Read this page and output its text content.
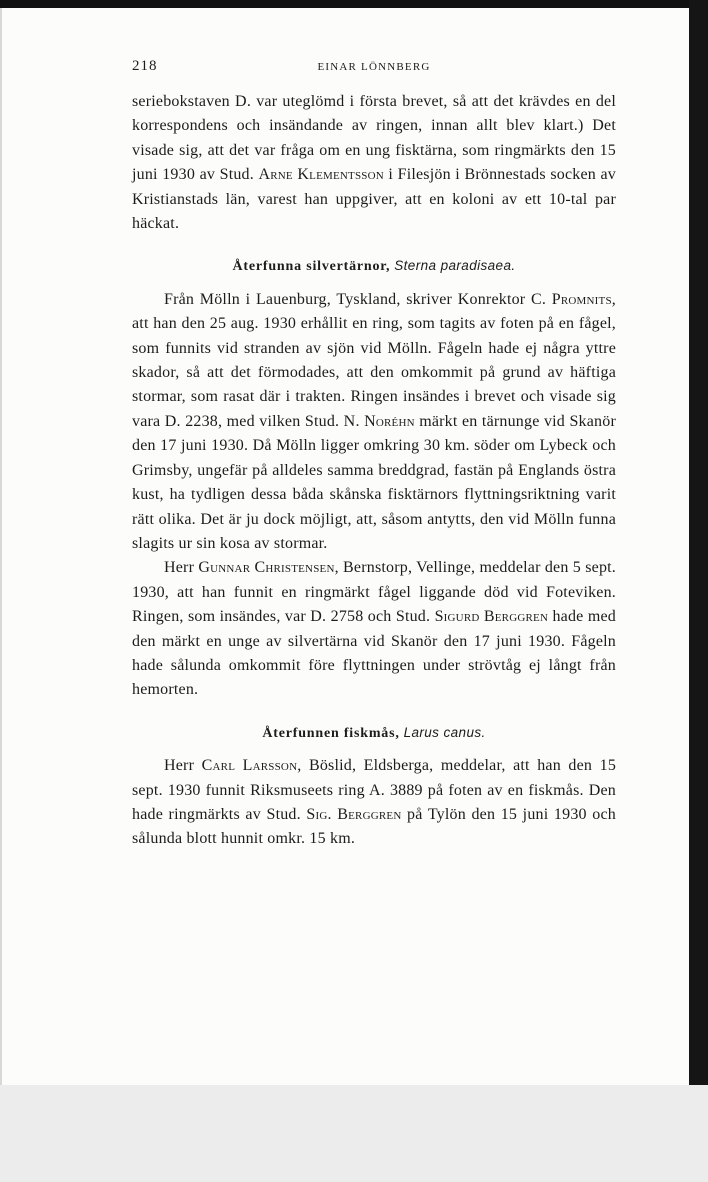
218	EINAR LÖNNBERG

seriebokstaven D. var uteglömd i första brevet, så att det krävdes en del korrespondens och insändande av ringen, innan allt blev klart.) Det visade sig, att det var fråga om en ung fisktärna, som ringmärkts den 15 juni 1930 av Stud. Arne Klementsson i Filesjön i Brönnestads socken av Kristianstads län, varest han uppgiver, att en koloni av ett 10-tal par häckat.

Återfunna silvertärnor, Sterna paradisaea.

Från Mölln i Lauenburg, Tyskland, skriver Konrektor C. Promnits, att han den 25 aug. 1930 erhållit en ring, som tagits av foten på en fågel, som funnits vid stranden av sjön vid Mölln. Fågeln hade ej några yttre skador, så att det förmodades, att den omkommit på grund av häftiga stormar, som rasat där i trakten. Ringen insändes i brevet och visade sig vara D. 2238, med vilken Stud. N. Noréhn märkt en tärnunge vid Skanör den 17 juni 1930. Då Mölln ligger omkring 30 km. söder om Lybeck och Grimsby, ungefär på alldeles samma breddgrad, fastän på Englands östra kust, ha tydligen dessa båda skånska fisktärnors flyttningsriktning varit rätt olika. Det är ju dock möjligt, att, såsom antytts, den vid Mölln funna slagits ur sin kosa av stormar.

Herr Gunnar Christensen, Bernstorp, Vellinge, meddelar den 5 sept. 1930, att han funnit en ringmärkt fågel liggande död vid Foteviken. Ringen, som insändes, var D. 2758 och Stud. Sigurd Berggren hade med den märkt en unge av silvertärna vid Skanör den 17 juni 1930. Fågeln hade sålunda omkommit före flyttningen under strövtåg ej långt från hemorten.

Återfunnen fiskmås, Larus canus.

Herr Carl Larsson, Böslid, Eldsberga, meddelar, att han den 15 sept. 1930 funnit Riksmuseets ring A. 3889 på foten av en fiskmås. Den hade ringmärkts av Stud. Sig. Berggren på Tylön den 15 juni 1930 och sålunda blott hunnit omkr. 15 km.
